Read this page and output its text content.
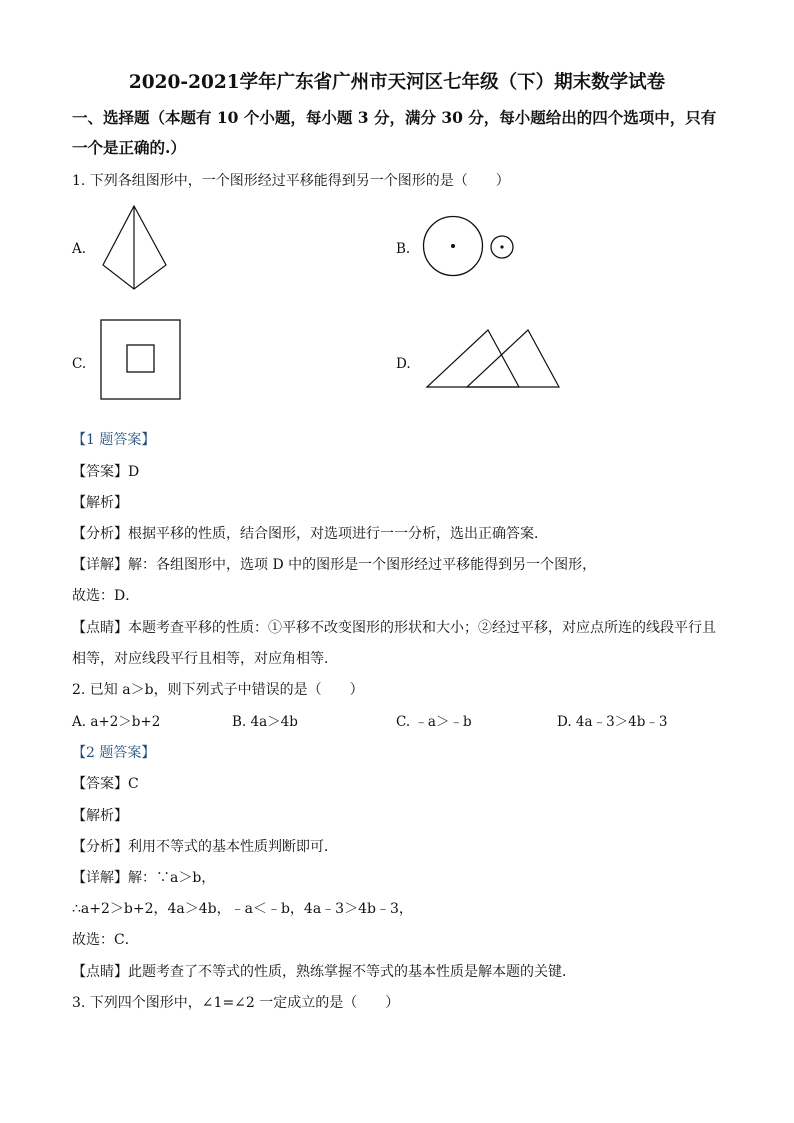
2020-2021学年广东省广州市天河区七年级（下）期末数学试卷
一、选择题（本题有 10 个小题，每小题 3 分，满分 30 分，每小题给出的四个选项中，只有
一个是正确的.）
1. 下列各组图形中，一个图形经过平移能得到另一个图形的是（　　）
A.	B.
C.	D.
【1 题答案】
【答案】D
【解析】
【分析】根据平移的性质，结合图形，对选项进行一一分析，选出正确答案．
【详解】解：各组图形中，选项 D 中的图形是一个图形经过平移能得到另一个图形，
故选：D．
【点睛】本题考查平移的性质：①平移不改变图形的形状和大小；②经过平移，对应点所连的线段平行且
相等，对应线段平行且相等，对应角相等．
2. 已知 a＞b，则下列式子中错误的是（　　）
A. a+2＞b+2	B. 4a＞4b	C. ﹣a＞﹣b	D. 4a﹣3＞4b﹣3
【2 题答案】
【答案】C
【解析】
【分析】利用不等式的基本性质判断即可．
【详解】解：∵a＞b，
∴a+2＞b+2，4a＞4b，﹣a＜﹣b，4a﹣3＞4b﹣3，
故选：C．
【点睛】此题考查了不等式的性质，熟练掌握不等式的基本性质是解本题的关键．
3. 下列四个图形中，∠1=∠2 一定成立的是（　　）
